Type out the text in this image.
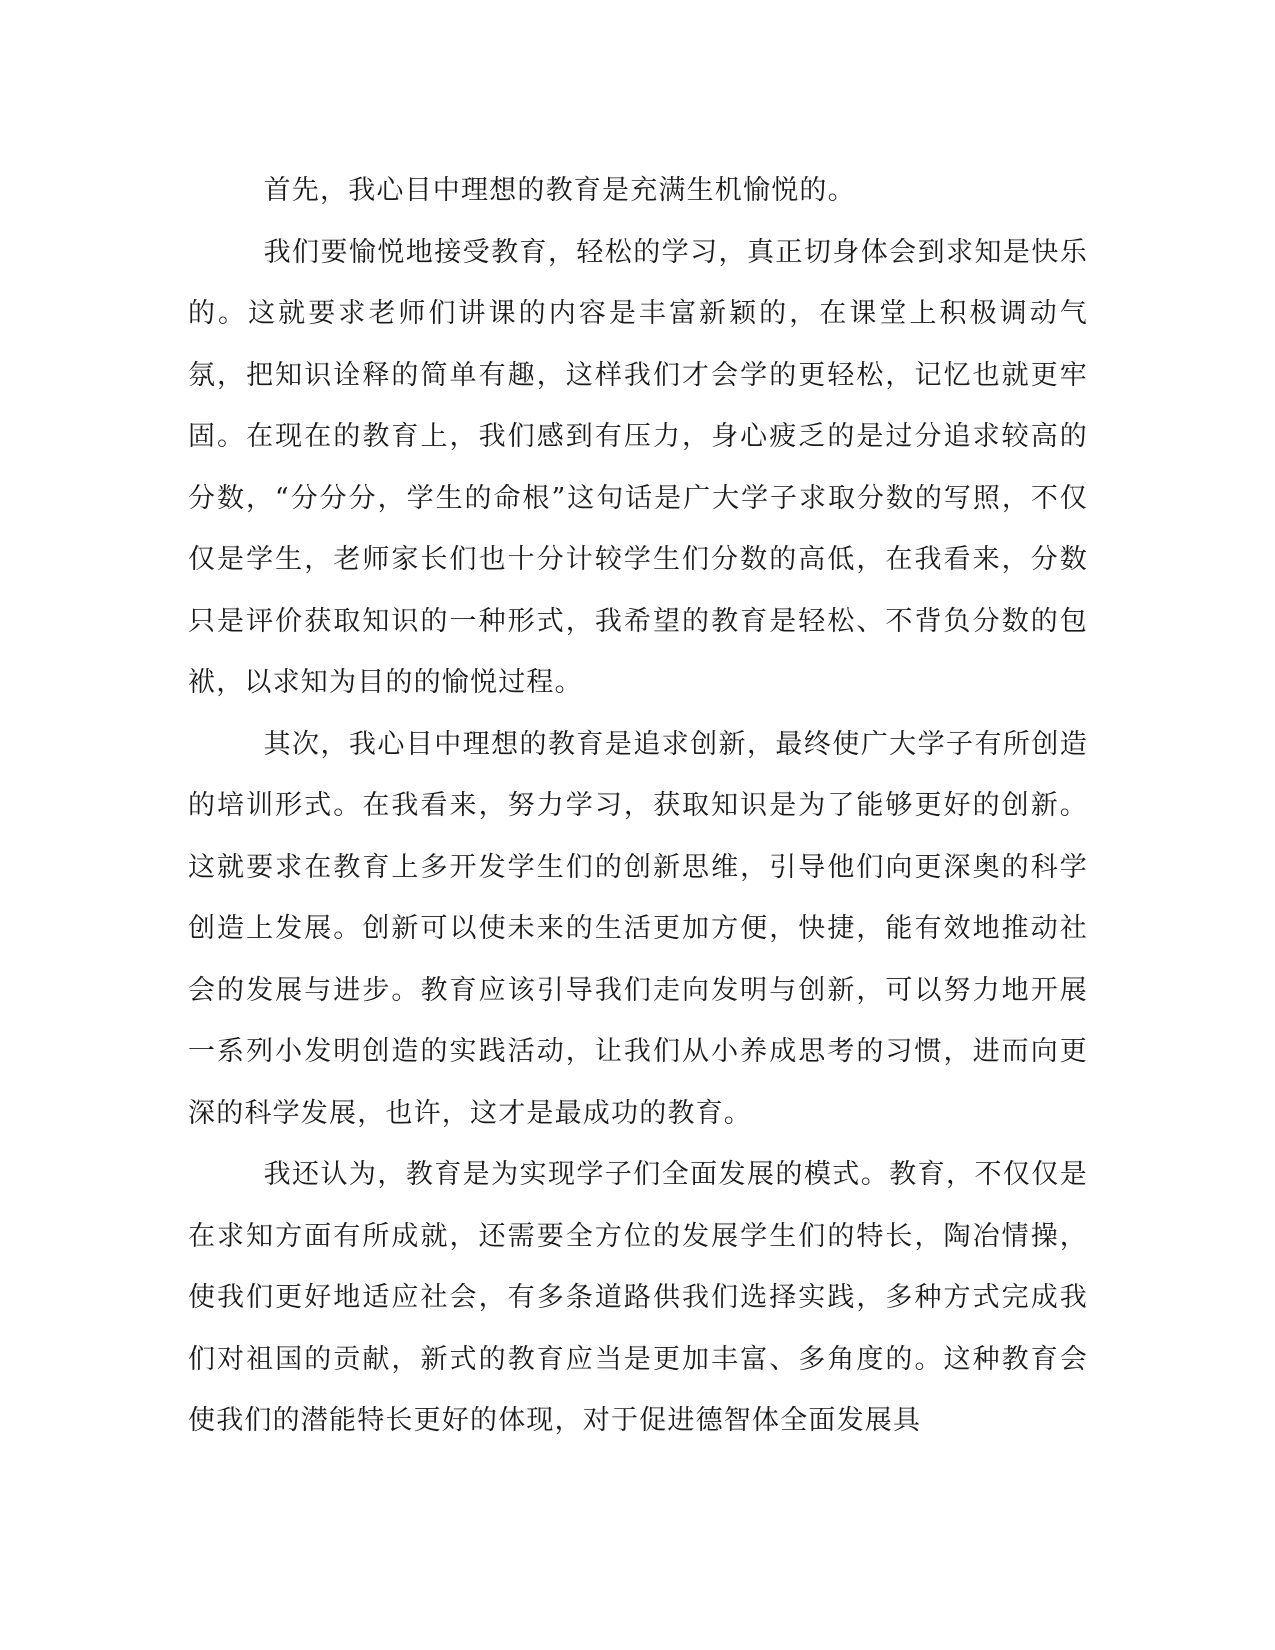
首先，我心目中理想的教育是充满生机愉悦的。

我们要愉悦地接受教育，轻松的学习，真正切身体会到求知是快乐的。这就要求老师们讲课的内容是丰富新颖的，在课堂上积极调动气氛，把知识诠释的简单有趣，这样我们才会学的更轻松，记忆也就更牢固。在现在的教育上，我们感到有压力，身心疲乏的是过分追求较高的分数，“分分分，学生的命根”这句话是广大学子求取分数的写照，不仅仅是学生，老师家长们也十分计较学生们分数的高低，在我看来，分数只是评价获取知识的一种形式，我希望的教育是轻松、不背负分数的包袱，以求知为目的的愉悦过程。

其次，我心目中理想的教育是追求创新，最终使广大学子有所创造的培训形式。在我看来，努力学习，获取知识是为了能够更好的创新。这就要求在教育上多开发学生们的创新思维，引导他们向更深奥的科学创造上发展。创新可以使未来的生活更加方便，快捷，能有效地推动社会的发展与进步。教育应该引导我们走向发明与创新，可以努力地开展一系列小发明创造的实践活动，让我们从小养成思考的习惯，进而向更深的科学发展，也许，这才是最成功的教育。

我还认为，教育是为实现学子们全面发展的模式。教育，不仅仅是在求知方面有所成就，还需要全方位的发展学生们的特长，陶冶情操，使我们更好地适应社会，有多条道路供我们选择实践，多种方式完成我们对祖国的贡献，新式的教育应当是更加丰富、多角度的。这种教育会使我们的潜能特长更好的体现，对于促进德智体全面发展具
